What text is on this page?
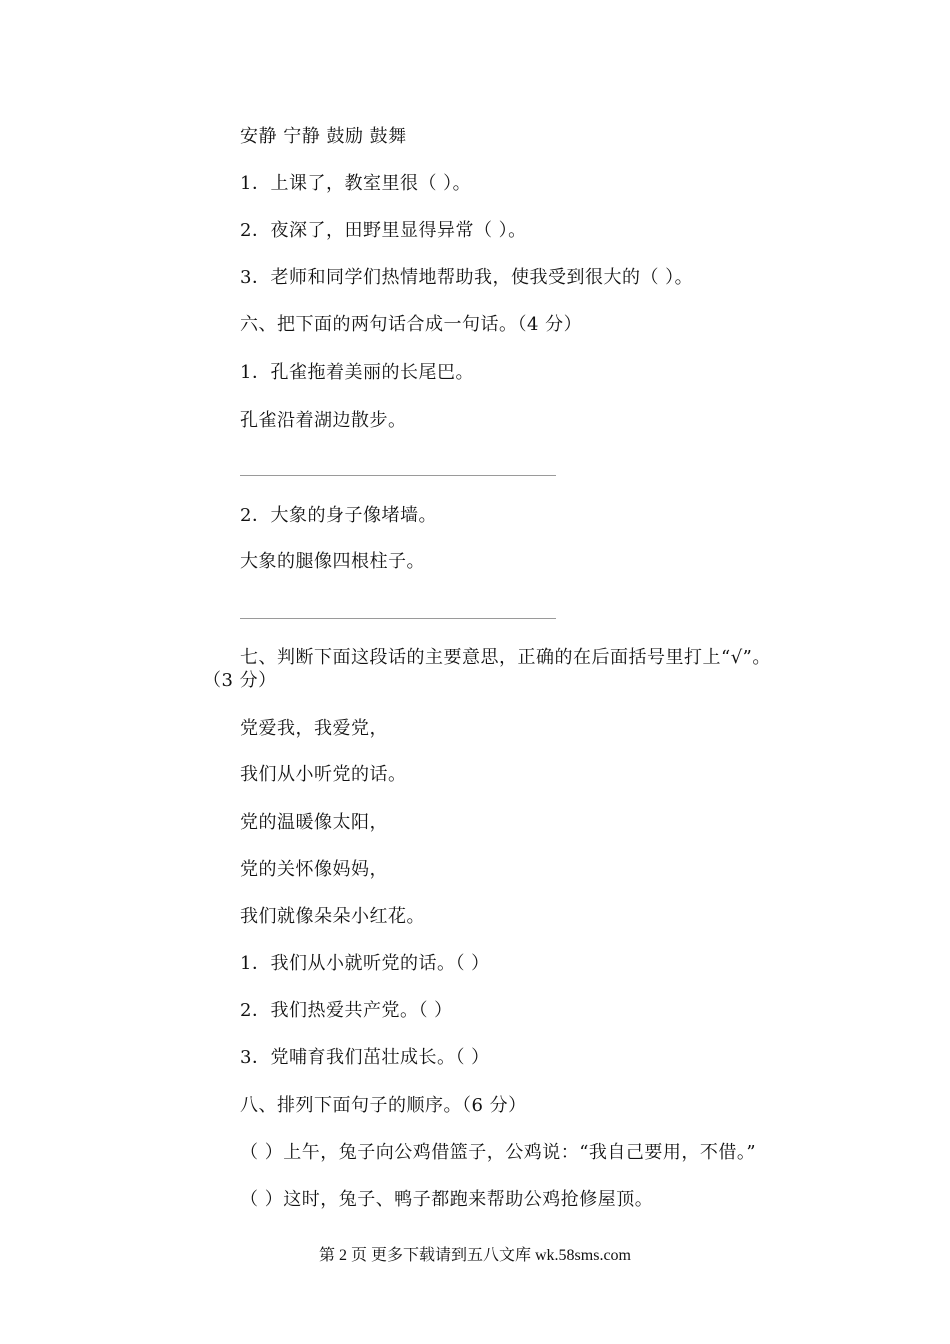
安静 宁静 鼓励 鼓舞
1．上课了，教室里很（ ）。
2．夜深了，田野里显得异常（ ）。
3．老师和同学们热情地帮助我，使我受到很大的（ ）。
六、把下面的两句话合成一句话。（4 分）
1．孔雀拖着美丽的长尾巴。
孔雀沿着湖边散步。
2．大象的身子像堵墙。
大象的腿像四根柱子。
七、判断下面这段话的主要意思，正确的在后面括号里打上“√”。
（3 分）
党爱我，我爱党，
我们从小听党的话。
党的温暖像太阳，
党的关怀像妈妈，
我们就像朵朵小红花。
1．我们从小就听党的话。（ ）
2．我们热爱共产党。（ ）
3．党哺育我们茁壮成长。（ ）
八、排列下面句子的顺序。（6 分）
（ ）上午，兔子向公鸡借篮子，公鸡说：“我自己要用，不借。”
（ ）这时，兔子、鸭子都跑来帮助公鸡抢修屋顶。
第 2 页 更多下载请到五八文库 wk.58sms.com
